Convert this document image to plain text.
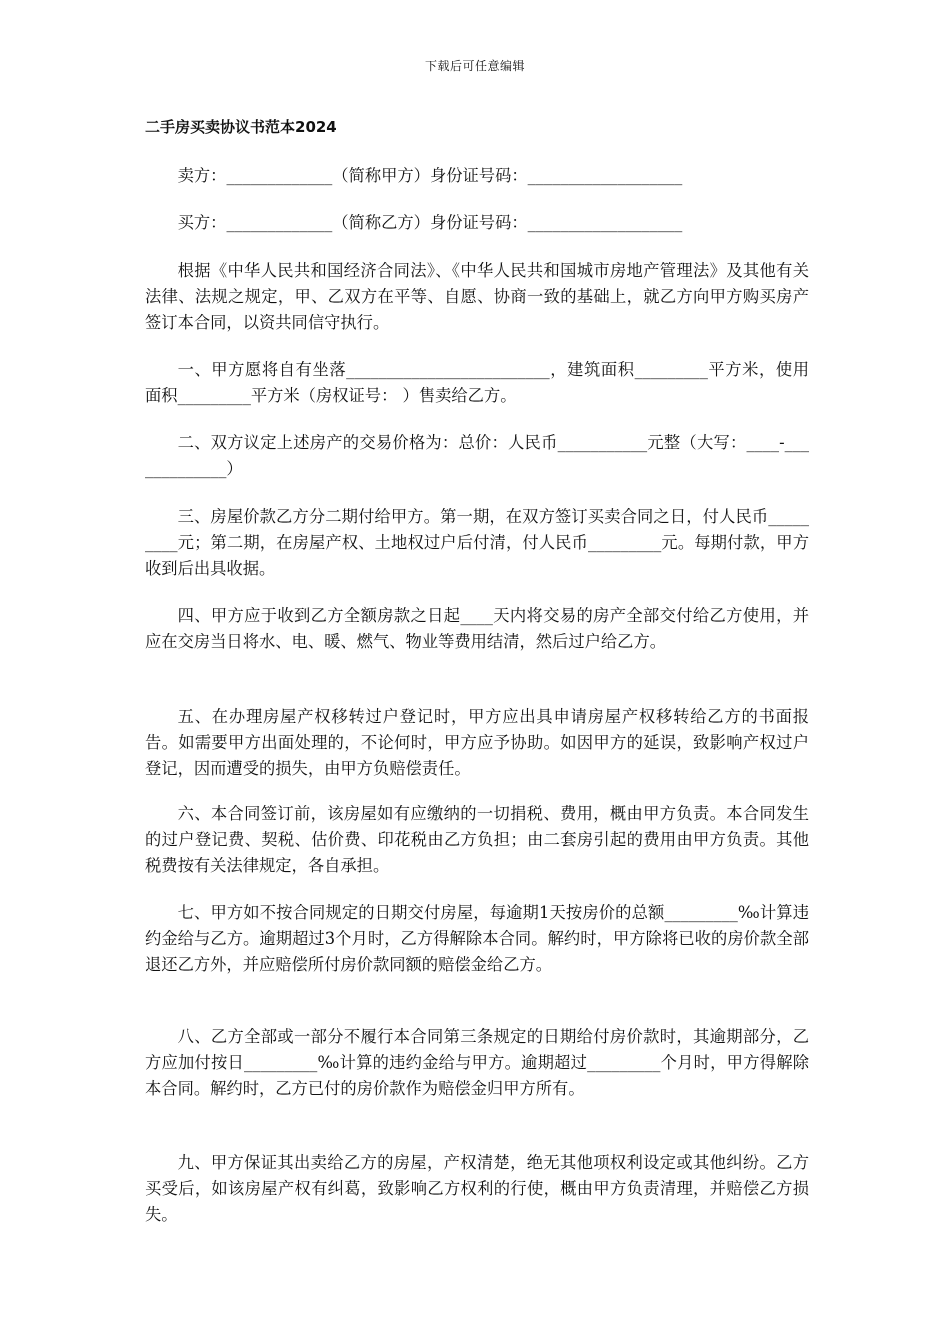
下载后可任意编辑
二手房买卖协议书范本2024

卖方：_____________（简称甲方）身份证号码：___________________

买方：_____________（简称乙方）身份证号码：___________________

根据《中华人民共和国经济合同法》、《中华人民共和国城市房地产管理法》及其他有关法律、法规之规定，甲、乙双方在平等、自愿、协商一致的基础上，就乙方向甲方购买房产签订本合同，以资共同信守执行。

一、甲方愿将自有坐落_________________________，建筑面积_________平方米，使用面积_________平方米（房权证号： ）售卖给乙方。

二、双方议定上述房产的交易价格为：总价：人民币___________元整（大写：____-_____________）

三、房屋价款乙方分二期付给甲方。第一期，在双方签订买卖合同之日，付人民币_________元；第二期，在房屋产权、土地权过户后付清，付人民币_________元。每期付款，甲方收到后出具收据。

四、甲方应于收到乙方全额房款之日起____天内将交易的房产全部交付给乙方使用，并应在交房当日将水、电、暖、燃气、物业等费用结清，然后过户给乙方。

五、在办理房屋产权移转过户登记时，甲方应出具申请房屋产权移转给乙方的书面报告。如需要甲方出面处理的，不论何时，甲方应予协助。如因甲方的延误，致影响产权过户登记，因而遭受的损失，由甲方负赔偿责任。

六、本合同签订前，该房屋如有应缴纳的一切捐税、费用，概由甲方负责。本合同发生的过户登记费、契税、估价费、印花税由乙方负担；由二套房引起的费用由甲方负责。其他税费按有关法律规定，各自承担。

七、甲方如不按合同规定的日期交付房屋，每逾期1天按房价的总额_________‰计算违约金给与乙方。逾期超过3个月时，乙方得解除本合同。解约时，甲方除将已收的房价款全部退还乙方外，并应赔偿所付房价款同额的赔偿金给乙方。

八、乙方全部或一部分不履行本合同第三条规定的日期给付房价款时，其逾期部分，乙方应加付按日_________‰计算的违约金给与甲方。逾期超过_________个月时，甲方得解除本合同。解约时，乙方已付的房价款作为赔偿金归甲方所有。

九、甲方保证其出卖给乙方的房屋，产权清楚，绝无其他项权利设定或其他纠纷。乙方买受后，如该房屋产权有纠葛，致影响乙方权利的行使，概由甲方负责清理，并赔偿乙方损失。
